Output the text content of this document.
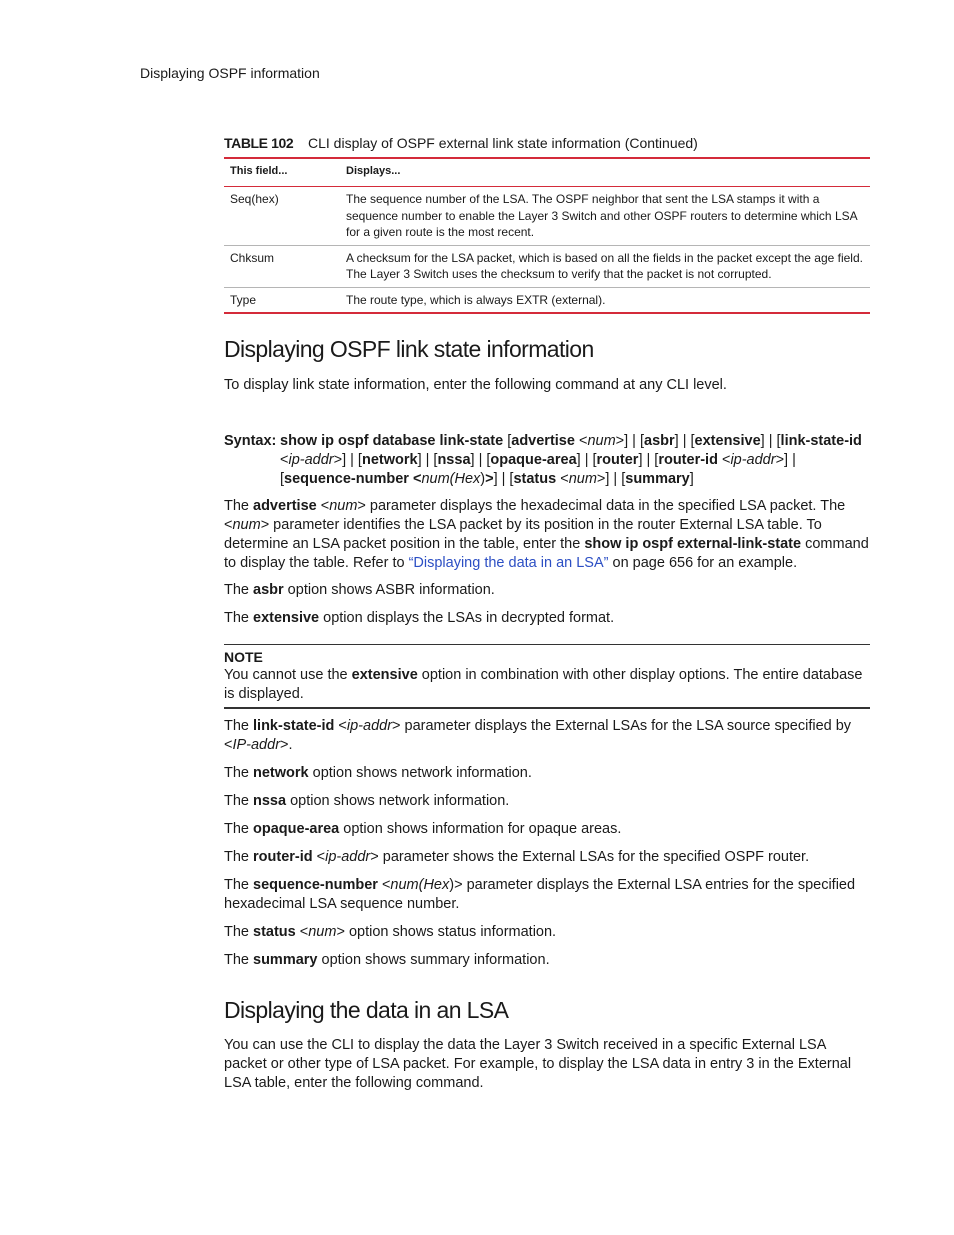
Displaying OSPF information
TABLE 102 CLI display of OSPF external link state information (Continued)
This field...	Displays...
Seq(hex)	The sequence number of the LSA. The OSPF neighbor that sent the LSA stamps it with a sequence number to enable the Layer 3 Switch and other OSPF routers to determine which LSA for a given route is the most recent.
Chksum	A checksum for the LSA packet, which is based on all the fields in the packet except the age field. The Layer 3 Switch uses the checksum to verify that the packet is not corrupted.
Type	The route type, which is always EXTR (external).
Displaying OSPF link state information

To display link state information, enter the following command at any CLI level.

Syntax: show ip ospf database link-state [advertise <num>] | [asbr] | [extensive] | [link-state-id <ip-addr>] | [network] | [nssa] | [opaque-area] | [router] | [router-id <ip-addr>] | [sequence-number <num(Hex)>] | [status <num>] | [summary]

The advertise <num> parameter displays the hexadecimal data in the specified LSA packet. The <num> parameter identifies the LSA packet by its position in the router External LSA table. To determine an LSA packet position in the table, enter the show ip ospf external-link-state command to display the table. Refer to “Displaying the data in an LSA” on page 656 for an example.

The asbr option shows ASBR information.

The extensive option displays the LSAs in decrypted format.

NOTE

You cannot use the extensive option in combination with other display options. The entire database is displayed.

The link-state-id <ip-addr> parameter displays the External LSAs for the LSA source specified by <IP-addr>.

The network option shows network information.

The nssa option shows network information.

The opaque-area option shows information for opaque areas.

The router-id <ip-addr> parameter shows the External LSAs for the specified OSPF router.

The sequence-number <num(Hex)> parameter displays the External LSA entries for the specified hexadecimal LSA sequence number.

The status <num> option shows status information.

The summary option shows summary information.

Displaying the data in an LSA

You can use the CLI to display the data the Layer 3 Switch received in a specific External LSA packet or other type of LSA packet. For example, to display the LSA data in entry 3 in the External LSA table, enter the following command.
